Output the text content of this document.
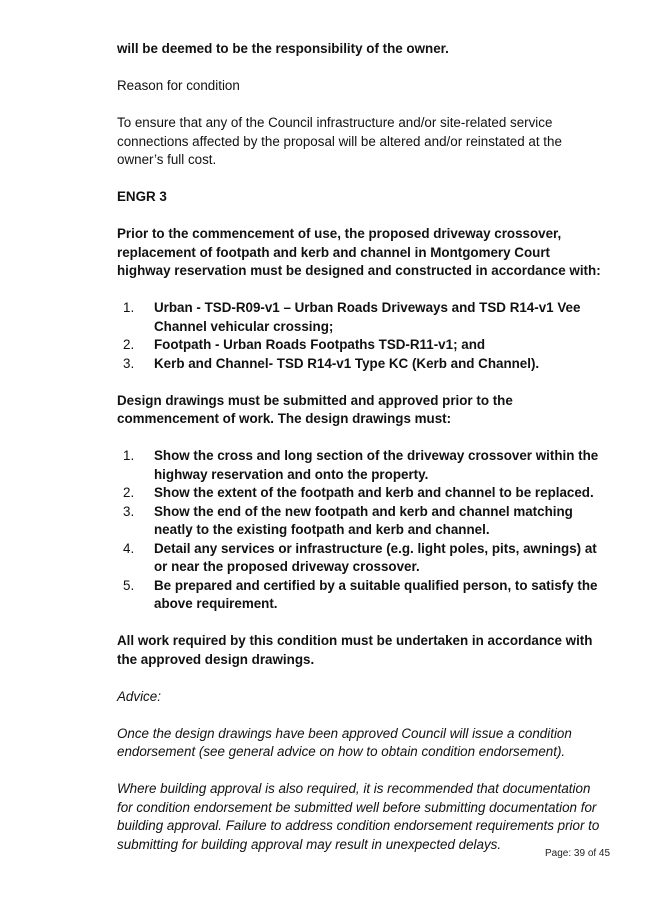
will be deemed to be the responsibility of the owner.

Reason for condition

To ensure that any of the Council infrastructure and/or site-related service connections affected by the proposal will be altered and/or reinstated at the owner’s full cost.

ENGR 3

Prior to the commencement of use, the proposed driveway crossover, replacement of footpath and kerb and channel in Montgomery Court highway reservation must be designed and constructed in accordance with:

1.	Urban - TSD-R09-v1 – Urban Roads Driveways and TSD R14-v1 Vee Channel vehicular crossing;
2.	Footpath - Urban Roads Footpaths TSD-R11-v1; and
3.	Kerb and Channel- TSD R14-v1 Type KC (Kerb and Channel).

Design drawings must be submitted and approved prior to the commencement of work. The design drawings must:

1.	Show the cross and long section of the driveway crossover within the highway reservation and onto the property.
2.	Show the extent of the footpath and kerb and channel to be replaced.
3.	Show the end of the new footpath and kerb and channel matching neatly to the existing footpath and kerb and channel.
4.	Detail any services or infrastructure (e.g. light poles, pits, awnings) at or near the proposed driveway crossover.
5.	Be prepared and certified by a suitable qualified person, to satisfy the above requirement.

All work required by this condition must be undertaken in accordance with the approved design drawings.

Advice:

Once the design drawings have been approved Council will issue a condition endorsement (see general advice on how to obtain condition endorsement).

Where building approval is also required, it is recommended that documentation for condition endorsement be submitted well before submitting documentation for building approval. Failure to address condition endorsement requirements prior to submitting for building approval may result in unexpected delays.

Page: 39 of 45
